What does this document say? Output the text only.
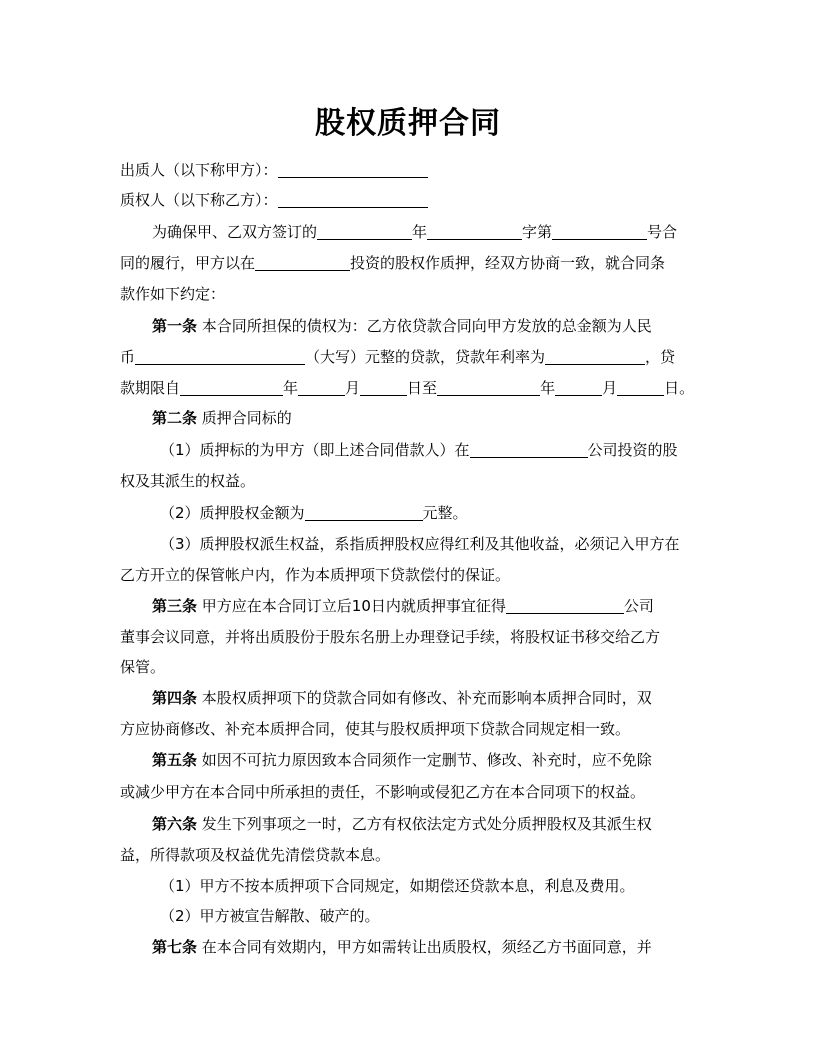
股权质押合同
出质人（以下称甲方）：
质权人（以下称乙方）：
为确保甲、乙双方签订的	年	字第	号合
同的履行，甲方以在	投资的股权作质押，经双方协商一致，就合同条
款作如下约定：
第一条 本合同所担保的债权为：乙方依贷款合同向甲方发放的总金额为人民
币	（大写）元整的贷款，贷款年利率为	，贷
款期限自	年	月	日至	年	月	日。
第二条 质押合同标的
（1）质押标的为甲方（即上述合同借款人）在	公司投资的股
权及其派生的权益。
（2）质押股权金额为	元整。
（3）质押股权派生权益，系指质押股权应得红利及其他收益，必须记入甲方在
乙方开立的保管帐户内，作为本质押项下贷款偿付的保证。
第三条 甲方应在本合同订立后10日内就质押事宜征得	公司
董事会议同意，并将出质股份于股东名册上办理登记手续，将股权证书移交给乙方
保管。
第四条 本股权质押项下的贷款合同如有修改、补充而影响本质押合同时，双
方应协商修改、补充本质押合同，使其与股权质押项下贷款合同规定相一致。
第五条 如因不可抗力原因致本合同须作一定删节、修改、补充时，应不免除
或减少甲方在本合同中所承担的责任，不影响或侵犯乙方在本合同项下的权益。
第六条 发生下列事项之一时，乙方有权依法定方式处分质押股权及其派生权
益，所得款项及权益优先清偿贷款本息。
（1）甲方不按本质押项下合同规定，如期偿还贷款本息，利息及费用。
（2）甲方被宣告解散、破产的。
第七条 在本合同有效期内，甲方如需转让出质股权，须经乙方书面同意，并
